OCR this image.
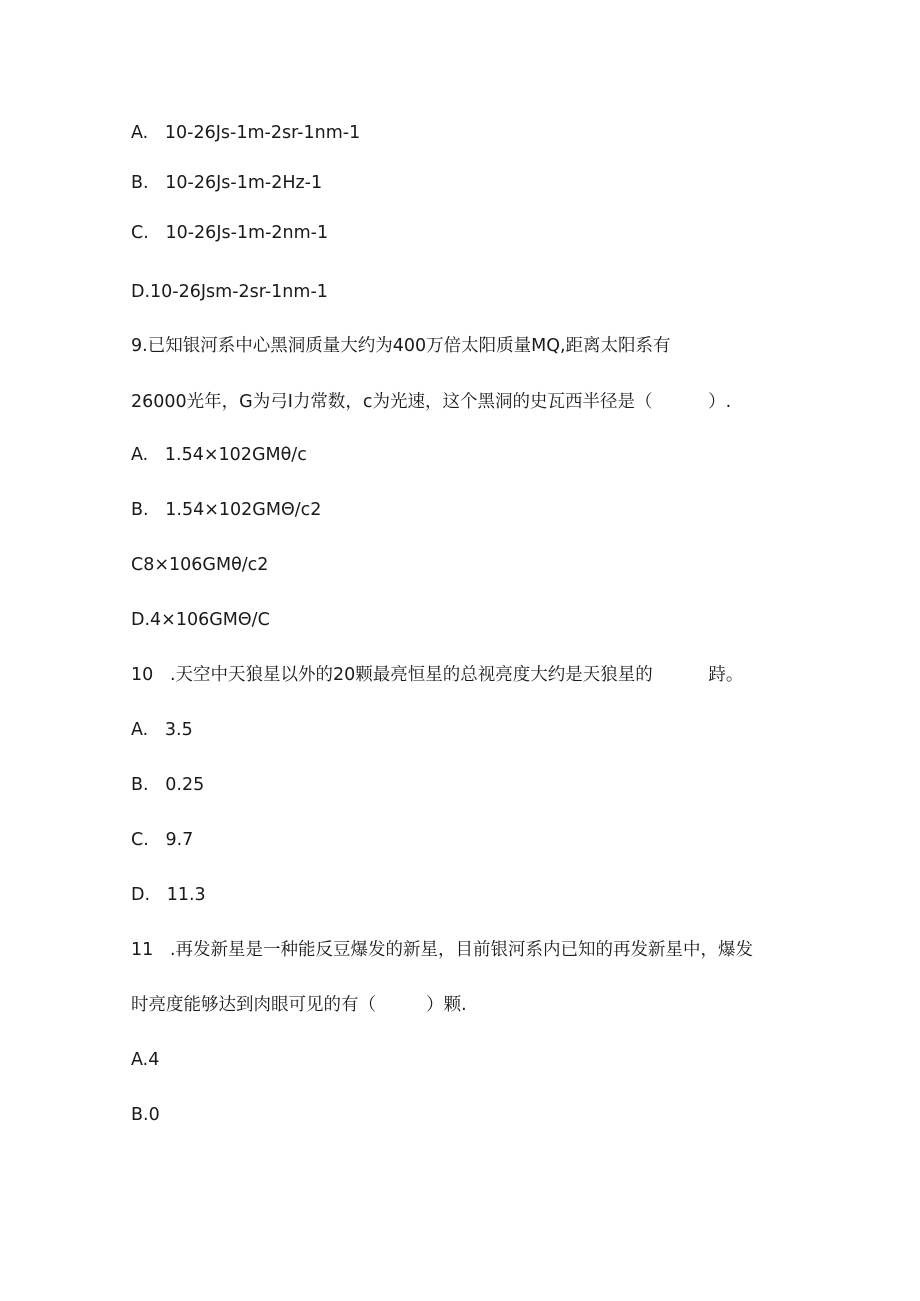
A.   10-26Js-1m-2sr-1nm-1
B.   10-26Js-1m-2Hz-1
C.   10-26Js-1m-2nm-1
D.10-26Jsm-2sr-1nm-1
9.已知银河系中心黑洞质量大约为400万倍太阳质量MQ,距离太阳系有
26000光年，G为弓I力常数，c为光速，这个黑洞的史瓦西半径是（          ）.
A.   1.54×102GMθ/c
B.   1.54×102GMΘ/c2
C8×106GMθ/c2
D.4×106GMΘ/C
10   .天空中天狼星以外的20颗最亮恒星的总视亮度大约是天狼星的          跱。
A.   3.5
B.   0.25
C.   9.7
D.   11.3
11   .再发新星是一种能反豆爆发的新星，目前银河系内已知的再发新星中，爆发
时亮度能够达到肉眼可见的有（         ）颗.
A.4
B.0
